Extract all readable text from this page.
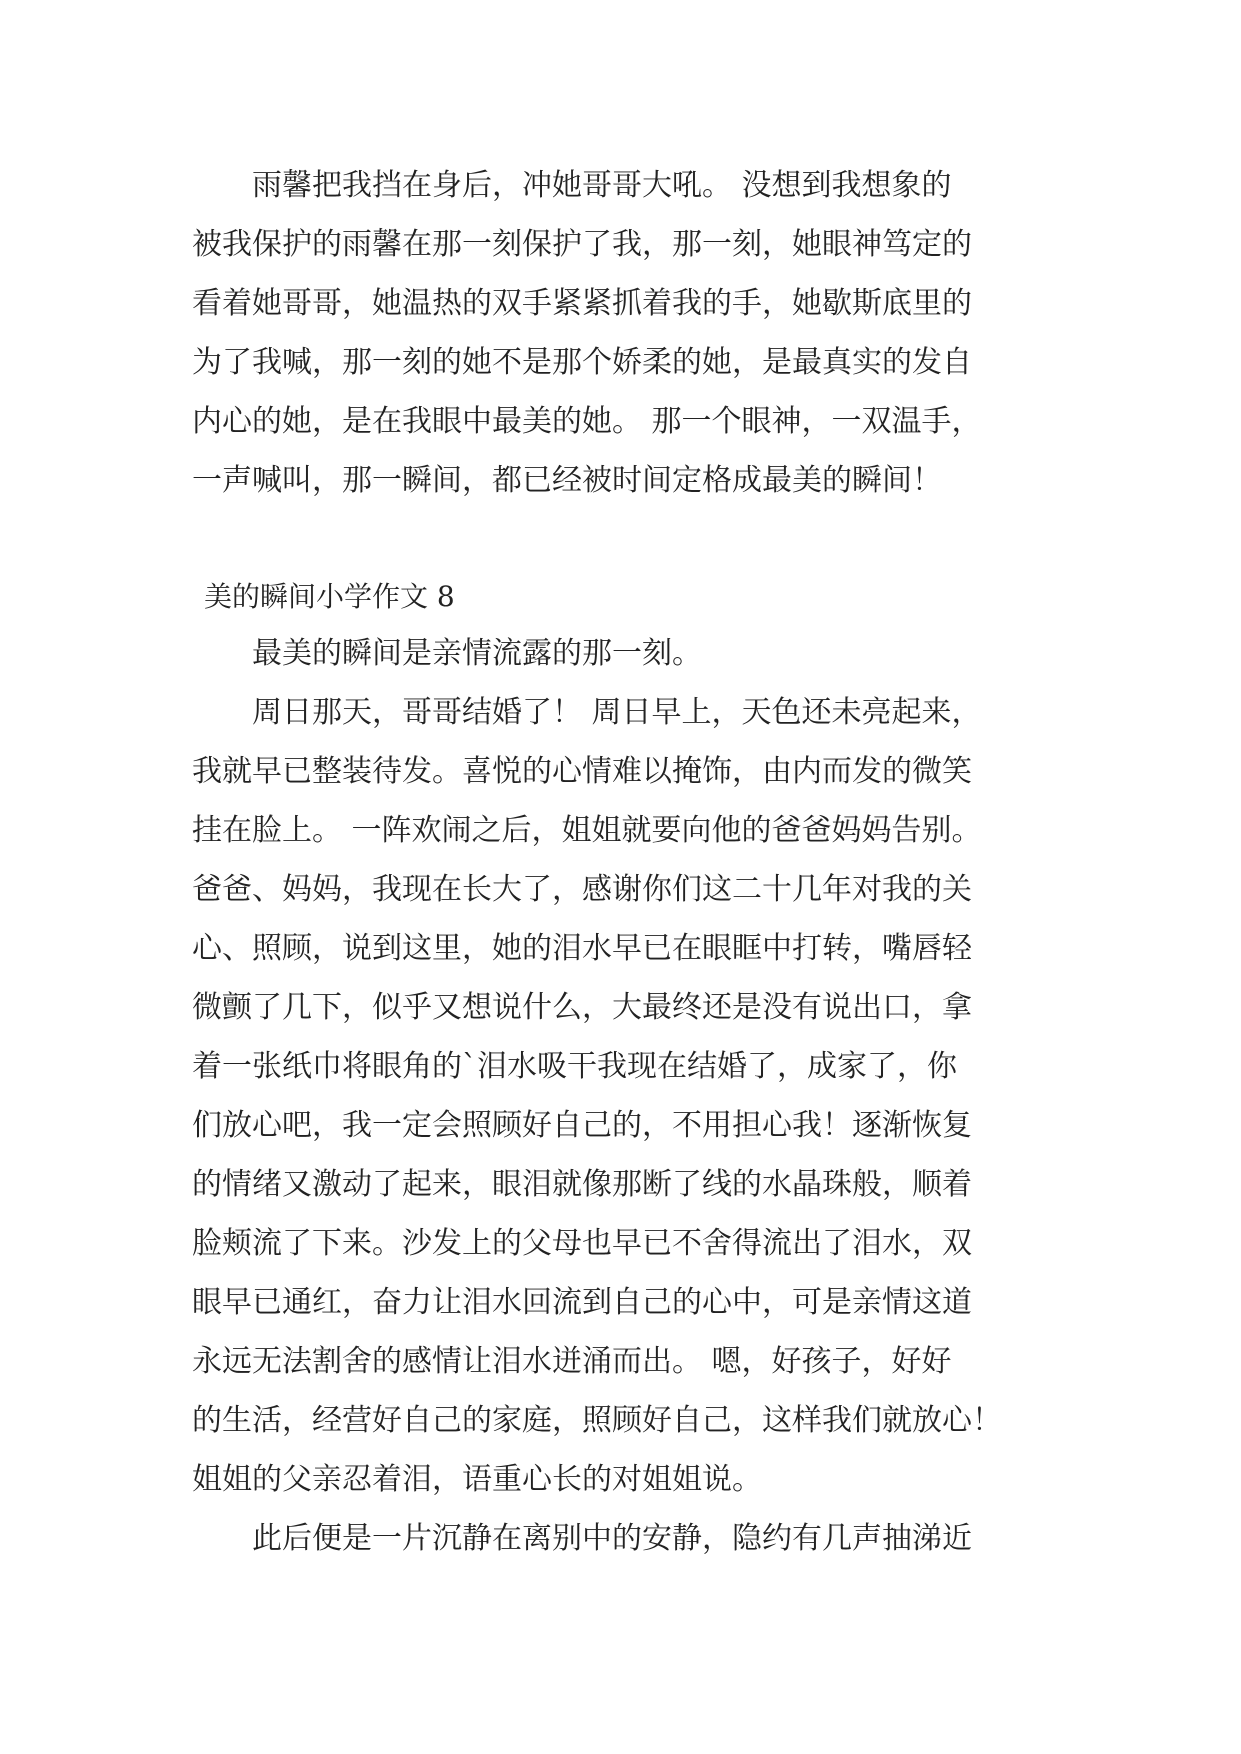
　　雨馨把我挡在身后，冲她哥哥大吼。 没想到我想象的
被我保护的雨馨在那一刻保护了我，那一刻，她眼神笃定的
看着她哥哥，她温热的双手紧紧抓着我的手，她歇斯底里的
为了我喊，那一刻的她不是那个娇柔的她，是最真实的发自
内心的她，是在我眼中最美的她。 那一个眼神，一双温手，
一声喊叫，那一瞬间，都已经被时间定格成最美的瞬间！
美的瞬间小学作文 8
　　最美的瞬间是亲情流露的那一刻。
　　周日那天，哥哥结婚了！ 周日早上，天色还未亮起来，
我就早已整装待发。喜悦的心情难以掩饰，由内而发的微笑
挂在脸上。 一阵欢闹之后，姐姐就要向他的爸爸妈妈告别。
爸爸、妈妈，我现在长大了，感谢你们这二十几年对我的关
心、照顾，说到这里，她的泪水早已在眼眶中打转，嘴唇轻
微颤了几下，似乎又想说什么，大最终还是没有说出口，拿
着一张纸巾将眼角的`泪水吸干我现在结婚了，成家了，你
们放心吧，我一定会照顾好自己的，不用担心我！逐渐恢复
的情绪又激动了起来，眼泪就像那断了线的水晶珠般，顺着
脸颊流了下来。沙发上的父母也早已不舍得流出了泪水，双
眼早已通红，奋力让泪水回流到自己的心中，可是亲情这道
永远无法割舍的感情让泪水迸涌而出。 嗯，好孩子，好好
的生活，经营好自己的家庭，照顾好自己，这样我们就放心！
姐姐的父亲忍着泪，语重心长的对姐姐说。
　　此后便是一片沉静在离别中的安静，隐约有几声抽涕近
